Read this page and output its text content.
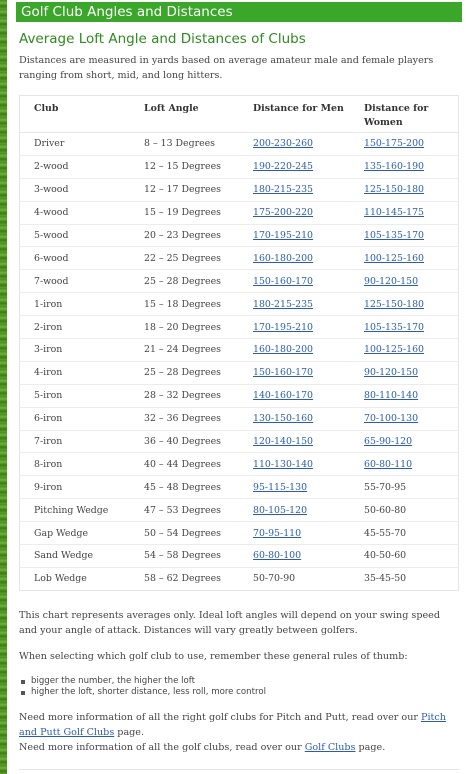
Golf Club Angles and Distances
Average Loft Angle and Distances of Clubs

Distances are measured in yards based on average amateur male and female players ranging from short, mid, and long hitters.

Club	Loft Angle	Distance for Men	Distance for Women
Driver	8 – 13 Degrees	200-230-260	150-175-200
2-wood	12 – 15 Degrees	190-220-245	135-160-190
3-wood	12 – 17 Degrees	180-215-235	125-150-180
4-wood	15 – 19 Degrees	175-200-220	110-145-175
5-wood	20 – 23 Degrees	170-195-210	105-135-170
6-wood	22 – 25 Degrees	160-180-200	100-125-160
7-wood	25 – 28 Degrees	150-160-170	90-120-150
1-iron	15 – 18 Degrees	180-215-235	125-150-180
2-iron	18 – 20 Degrees	170-195-210	105-135-170
3-iron	21 – 24 Degrees	160-180-200	100-125-160
4-iron	25 – 28 Degrees	150-160-170	90-120-150
5-iron	28 – 32 Degrees	140-160-170	80-110-140
6-iron	32 – 36 Degrees	130-150-160	70-100-130
7-iron	36 – 40 Degrees	120-140-150	65-90-120
8-iron	40 – 44 Degrees	110-130-140	60-80-110
9-iron	45 – 48 Degrees	95-115-130	55-70-95
Pitching Wedge	47 – 53 Degrees	80-105-120	50-60-80
Gap Wedge	50 – 54 Degrees	70-95-110	45-55-70
Sand Wedge	54 – 58 Degrees	60-80-100	40-50-60
Lob Wedge	58 – 62 Degrees	50-70-90	35-45-50

This chart represents averages only. Ideal loft angles will depend on your swing speed and your angle of attack. Distances will vary greatly between golfers.

When selecting which golf club to use, remember these general rules of thumb:

bigger the number, the higher the loft
higher the loft, shorter distance, less roll, more control
Need more information of all the right golf clubs for Pitch and Putt, read over our Pitch and Putt Golf Clubs page.
Need more information of all the golf clubs, read over our Golf Clubs page.
